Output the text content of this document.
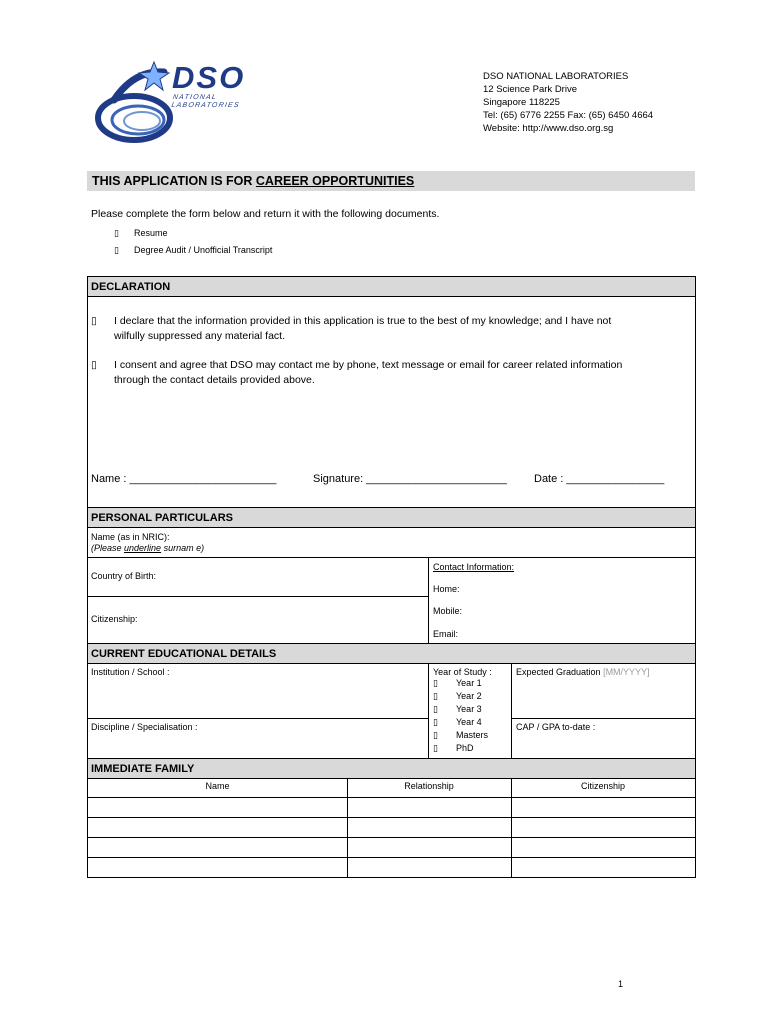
DSO
NATIONAL
LABORATORIES
DSO NATIONAL LABORATORIES
12 Science Park Drive
Singapore 118225
Tel: (65) 6776 2255 Fax: (65) 6450 4664
Website: http://www.dso.org.sg
THIS APPLICATION IS FOR CAREER OPPORTUNITIES
Please complete the form below and return it with the following documents.
▯ Resume
▯ Degree Audit / Unofficial Transcript
DECLARATION
▯ I declare that the information provided in this application is true to the best of my knowledge; and I have not
wilfully suppressed any material fact.
▯ I consent and agree that DSO may contact me by phone, text message or email for career related information
through the contact details provided above.
Name : ________________________	Signature: _______________________ Date : ________________
PERSONAL PARTICULARS
Name (as in NRIC):
(Please underline surnam e)
Country of Birth:
Citizenship:
Contact Information:
Home:
Mobile:
Email:
CURRENT EDUCATIONAL DETAILS
Institution / School :
Discipline / Specialisation :
Year of Study :
▯ Year 1
▯ Year 2
▯ Year 3
▯ Year 4
▯ Masters
▯ PhD
Expected Graduation [MM/YYYY]
CAP / GPA to-date :
IMMEDIATE FAMILY
Name	Relationship	Citizenship
1
